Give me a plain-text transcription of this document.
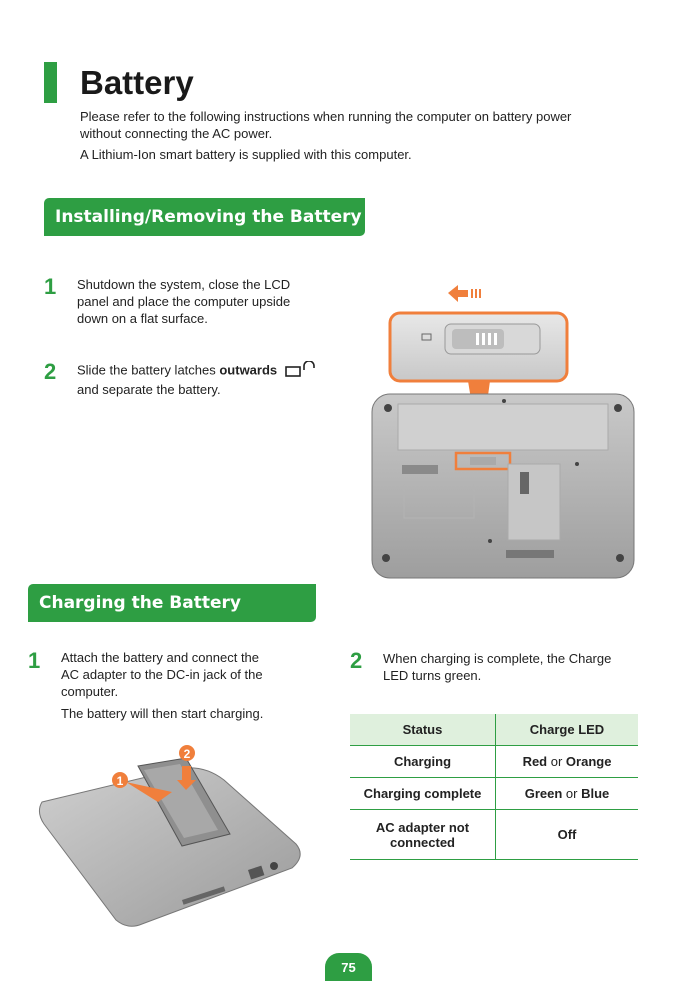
Battery
Please refer to the following instructions when running the computer on battery power
without connecting the AC power.
A Lithium-Ion smart battery is supplied with this computer.
Installing/Removing the Battery
1 Shutdown the system, close the LCD
panel and place the computer upside
down on a flat surface.
2 Slide the battery latches outwards
and separate the battery.
Charging the Battery
1 Attach the battery and connect the
AC adapter to the DC-in jack of the
computer.
The battery will then start charging.
2 When charging is complete, the Charge
LED turns green.
1
2
Status	Charge LED
Charging	Red or Orange
Charging complete	Green or Blue

AC adapter not
connected	Off
75
